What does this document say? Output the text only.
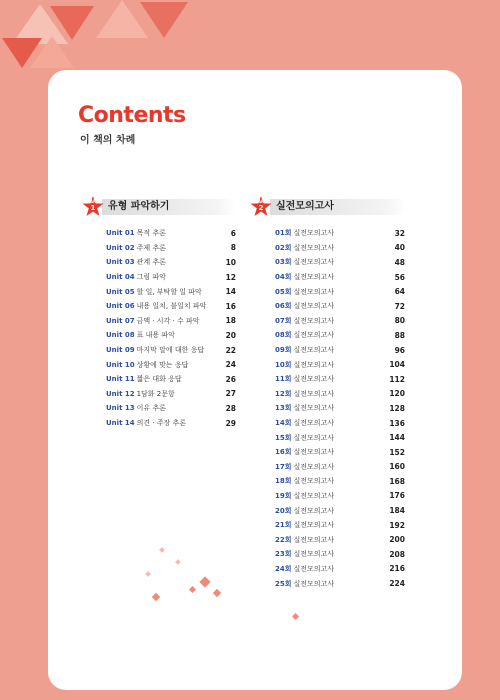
Contents

이 책의 차례

PART
1	유형 파악하기
Unit 01 목적 추론	6
Unit 02 주제 추론	8
Unit 03 관계 추론	10
Unit 04 그림 파악	12
Unit 05 할 일, 부탁할 일 파악	14
Unit 06 내용 일치, 불일치 파악	16
Unit 07 금액 · 시각 · 수 파악	18
Unit 08 표 내용 파악	20
Unit 09 마지막 말에 대한 응답	22
Unit 10 상황에 맞는 응답	24
Unit 11 짧은 대화 응답	26
Unit 12 1담화 2문항	27
Unit 13 이유 추론	28
Unit 14 의견 · 주장 추론	29
PART
2	실전모의고사
01회 실전모의고사	32
02회 실전모의고사	40
03회 실전모의고사	48
04회 실전모의고사	56
05회 실전모의고사	64
06회 실전모의고사	72
07회 실전모의고사	80
08회 실전모의고사	88
09회 실전모의고사	96
10회 실전모의고사	104
11회 실전모의고사	112
12회 실전모의고사	120
13회 실전모의고사	128
14회 실전모의고사	136
15회 실전모의고사	144
16회 실전모의고사	152
17회 실전모의고사	160
18회 실전모의고사	168
19회 실전모의고사	176
20회 실전모의고사	184
21회 실전모의고사	192
22회 실전모의고사	200
23회 실전모의고사	208
24회 실전모의고사	216
25회 실전모의고사	224
